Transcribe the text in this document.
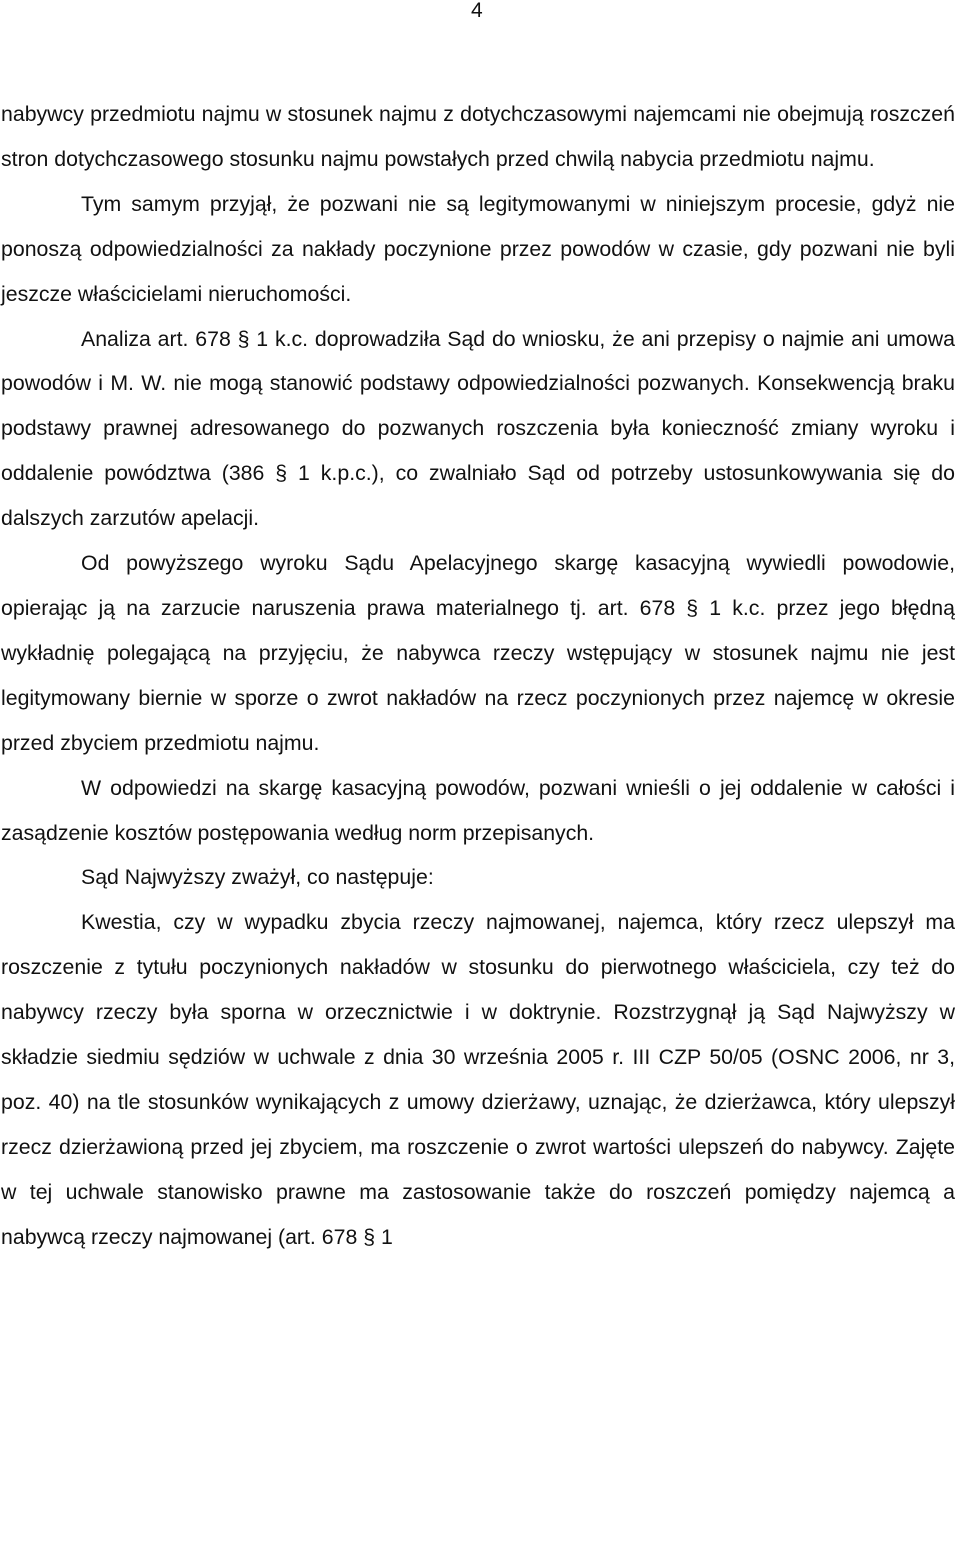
4

nabywcy przedmiotu najmu w stosunek najmu z dotychczasowymi najemcami nie obejmują roszczeń stron dotychczasowego stosunku najmu powstałych przed chwilą nabycia przedmiotu najmu.

Tym samym przyjął, że pozwani nie są legitymowanymi w niniejszym procesie, gdyż nie ponoszą odpowiedzialności za nakłady poczynione przez powodów w czasie, gdy pozwani nie byli jeszcze właścicielami nieruchomości.

Analiza art. 678 § 1 k.c. doprowadziła Sąd do wniosku, że ani przepisy o najmie ani umowa powodów i M. W. nie mogą stanowić podstawy odpowiedzialności pozwanych. Konsekwencją braku podstawy prawnej adresowanego do pozwanych roszczenia była konieczność zmiany wyroku i oddalenie powództwa (386 § 1 k.p.c.), co zwalniało Sąd od potrzeby ustosunkowywania się do dalszych zarzutów apelacji.

Od powyższego wyroku Sądu Apelacyjnego skargę kasacyjną wywiedli powodowie, opierając ją na zarzucie naruszenia prawa materialnego tj. art. 678 § 1 k.c. przez jego błędną wykładnię polegającą na przyjęciu, że nabywca rzeczy wstępujący w stosunek najmu nie jest legitymowany biernie w sporze o zwrot nakładów na rzecz poczynionych przez najemcę w okresie przed zbyciem przedmiotu najmu.

W odpowiedzi na skargę kasacyjną powodów, pozwani wnieśli o jej oddalenie w całości i zasądzenie kosztów postępowania według norm przepisanych.

Sąd Najwyższy zważył, co następuje:

Kwestia, czy w wypadku zbycia rzeczy najmowanej, najemca, który rzecz ulepszył ma roszczenie z tytułu poczynionych nakładów w stosunku do pierwotnego właściciela, czy też do nabywcy rzeczy była sporna w orzecznictwie i w doktrynie. Rozstrzygnął ją Sąd Najwyższy w składzie siedmiu sędziów w uchwale z dnia 30 września 2005 r. III CZP 50/05 (OSNC 2006, nr 3, poz. 40) na tle stosunków wynikających z umowy dzierżawy, uznając, że dzierżawca, który ulepszył rzecz dzierżawioną przed jej zbyciem, ma roszczenie o zwrot wartości ulepszeń do nabywcy. Zajęte w tej uchwale stanowisko prawne ma zastosowanie także do roszczeń pomiędzy najemcą a nabywcą rzeczy najmowanej (art. 678 § 1
